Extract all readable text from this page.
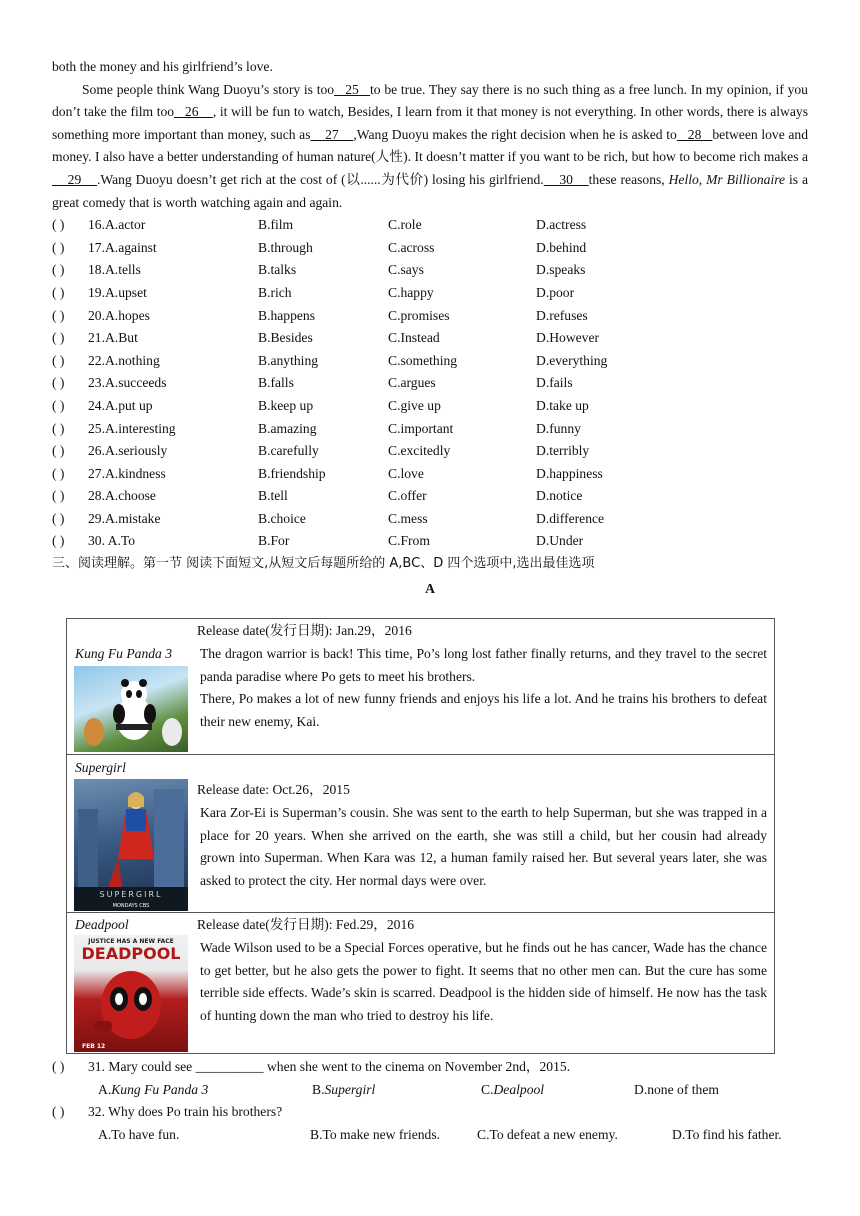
both the money and his girlfriend’s love.

Some people think Wang Duoyu’s story is too   25   to be true. They say there is no such thing as a free lunch. In my opinion, if you don’t take the film too   26    , it will be fun to watch, Besides, I learn from it that money is not everything. In other words, there is always something more important than money, such as    27    ,Wang Duoyu makes the right decision when he is asked to   28   between love and money. I also have a better understanding of human nature(人性). It doesn’t matter if you want to be rich, but how to become rich makes a    29    .Wang Duoyu doesn’t get rich at the cost of (以......为代价) losing his girlfriend.    30    these reasons, Hello, Mr Billionaire is a great comedy that is worth watching again and again.

( ) 16.A.actor	B.film	C.role	D.actress
( ) 17.A.against	B.through	C.across	D.behind
( ) 18.A.tells	B.talks	C.says	D.speaks
( ) 19.A.upset	B.rich	C.happy	D.poor
( ) 20.A.hopes	B.happens	C.promises	D.refuses
( ) 21.A.But	B.Besides	C.Instead	D.However
( ) 22.A.nothing	B.anything	C.something	D.everything
( ) 23.A.succeeds	B.falls	C.argues	D.fails
( ) 24.A.put up	B.keep up	C.give up	D.take up
( ) 25.A.interesting	B.amazing	C.important	D.funny
( ) 26.A.seriously	B.carefully	C.excitedly	D.terribly
( ) 27.A.kindness	B.friendship	C.love	D.happiness
( ) 28.A.choose	B.tell	C.offer	D.notice
( ) 29.A.mistake	B.choice	C.mess	D.difference
( ) 30. A.To	B.For	C.From	D.Under

三、阅读理解。第一节 阅读下面短文,从短文后每题所给的 A,BC、D 四个选项中,选出最佳选项

A

Kung Fu Panda 3
Release date(发行日期): Jan.29，2016
The dragon warrior is back! This time, Po’s long lost father finally returns, and they travel to the secret panda paradise where Po gets to meet his brothers.
There, Po makes a lot of new funny friends and enjoys his life a lot. And he trains his brothers to defeat their new enemy, Kai.

Supergirl
SUPERGIRL
MONDAYS CBS
Release date: Oct.26，2015
Kara Zor-Ei is Superman’s cousin. She was sent to the earth to help Superman, but she was trapped in a place for 20 years. When she arrived on the earth, she was still a child, but her cousin had already grown into Superman. When Kara was 12, a human family raised her. But several years later, she was asked to protect the city. Her normal days were over.

Deadpool	Release date(发行日期): Fed.29，2016
JUSTICE HAS A NEW FACE
DEADPOOL
FEB 12
Wade Wilson used to be a Special Forces operative, but he finds out he has cancer, Wade has the chance to get better, but he also gets the power to fight. It seems that no other men can. But the cure has some terrible side effects. Wade’s skin is scarred. Deadpool is the hidden side of himself. He now has the task of hunting down the man who tried to destroy his life.
( ) 31. Mary could see __________ when she went to the cinema on November 2nd，2015.
A.Kung Fu Panda 3	B.Supergirl	C.Dealpool	D.none of them
( ) 32. Why does Po train his brothers?
A.To have fun.	B.To make new friends.	C.To defeat a new enemy.	D.To find his father.
